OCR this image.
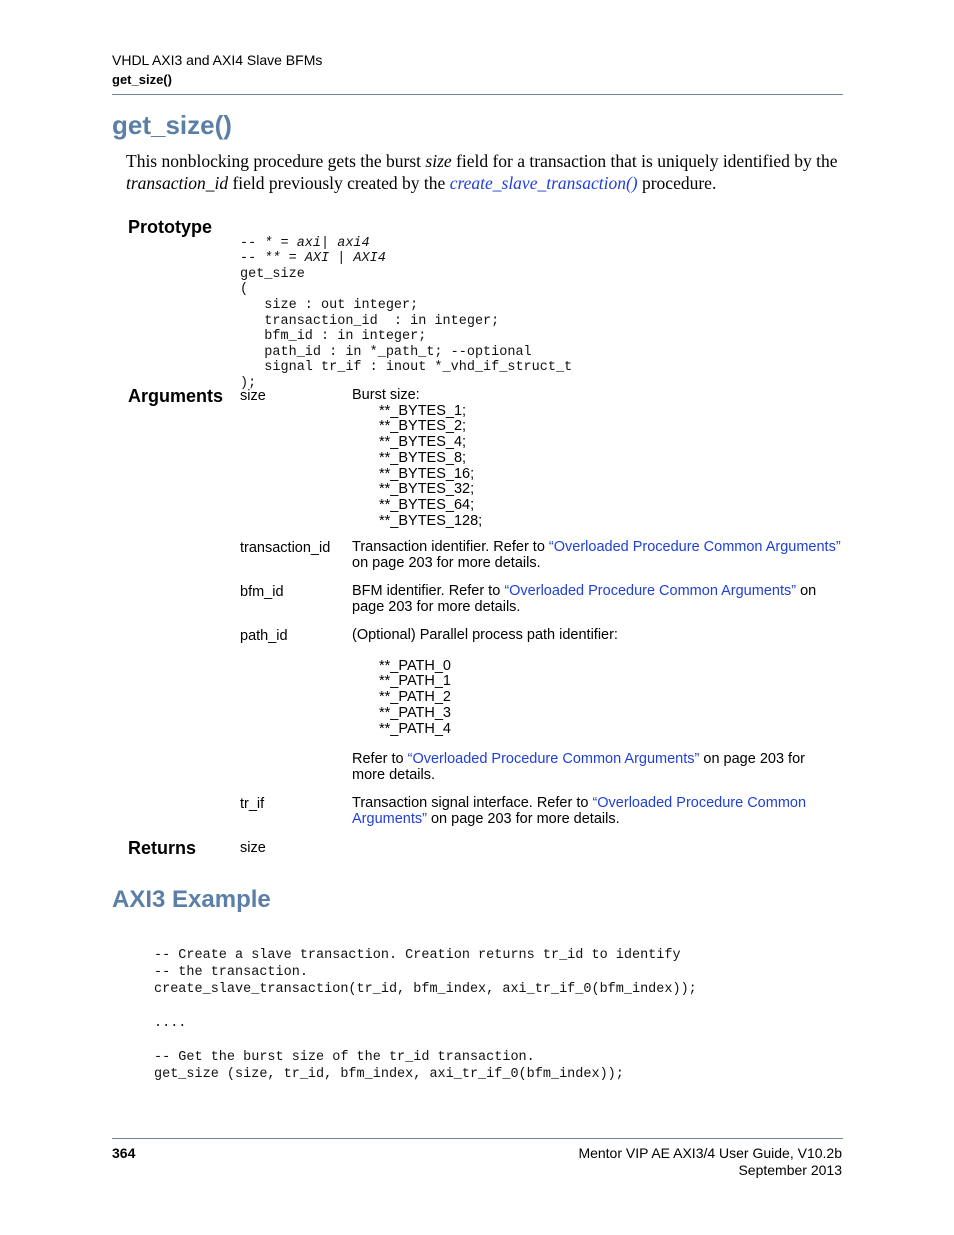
VHDL AXI3 and AXI4 Slave BFMs
get_size()
get_size()
This nonblocking procedure gets the burst size field for a transaction that is uniquely identified by the transaction_id field previously created by the create_slave_transaction() procedure.
Prototype

-- * = axi| axi4
-- ** = AXI | AXI4
get_size
(
size : out integer;
transaction_id  : in integer;
bfm_id : in integer;
path_id : in *_path_t; --optional
signal tr_if : inout *_vhd_if_struct_t
);

Arguments size	Burst size:
**_BYTES_1;
**_BYTES_2;
**_BYTES_4;
**_BYTES_8;
**_BYTES_16;
**_BYTES_32;
**_BYTES_64;
**_BYTES_128;
transaction_id Transaction identifier. Refer to “Overloaded Procedure Common Arguments” on page 203 for more details.
bfm_id	BFM identifier. Refer to “Overloaded Procedure Common Arguments” on page 203 for more details.
path_id	(Optional) Parallel process path identifier:
**_PATH_0
**_PATH_1
**_PATH_2
**_PATH_3
**_PATH_4
Refer to “Overloaded Procedure Common Arguments” on page 203 for more details.
tr_if	Transaction signal interface. Refer to “Overloaded Procedure Common Arguments” on page 203 for more details.
Returns	size
AXI3 Example

-- Create a slave transaction. Creation returns tr_id to identify
-- the transaction.
create_slave_transaction(tr_id, bfm_index, axi_tr_if_0(bfm_index));
....
-- Get the burst size of the tr_id transaction.
get_size (size, tr_id, bfm_index, axi_tr_if_0(bfm_index));

364	Mentor VIP AE AXI3/4 User Guide, V10.2b
September 2013
